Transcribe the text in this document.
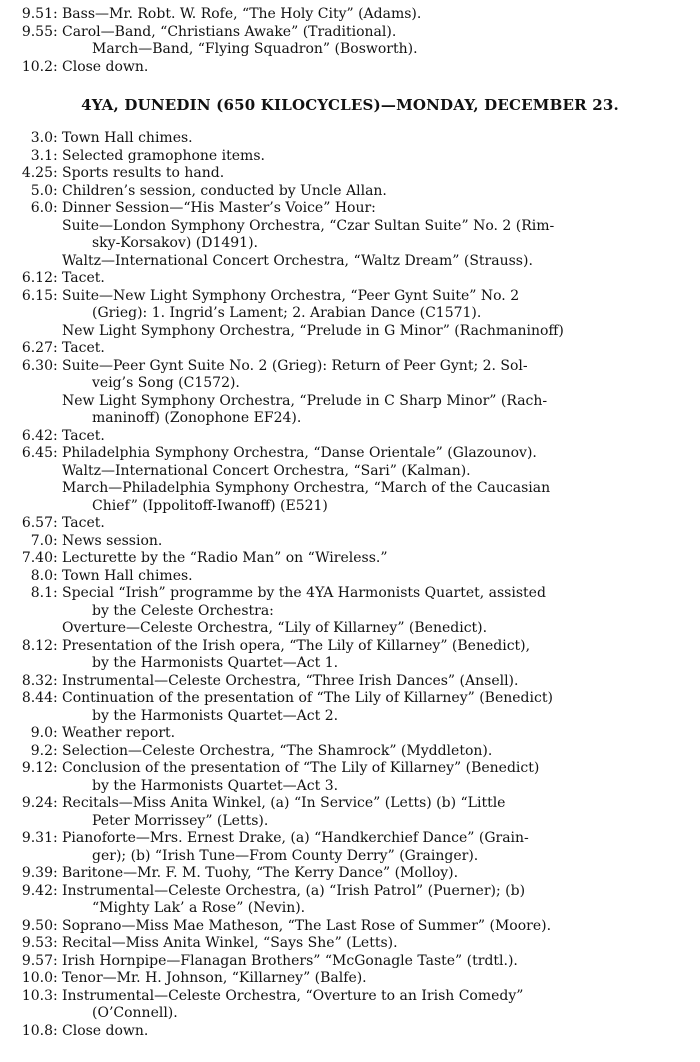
9.51 : Bass—Mr. Robt. W. Rofe, “The Holy City” (Adams).
9.55 : Carol—Band, “Christians Awake” (Traditional).
March—Band, “Flying Squadron” (Bosworth).
10.2 : Close down.
4YA, DUNEDIN (650 KILOCYCLES)—MONDAY, DECEMBER 23.
3.0 : Town Hall chimes.
3.1 : Selected gramophone items.
4.25 : Sports results to hand.
5.0 : Children’s session, conducted by Uncle Allan.
6.0 : Dinner Session—“His Master’s Voice” Hour:
Suite—London Symphony Orchestra, “Czar Sultan Suite” No. 2 (Rim-
sky-Korsakov) (D1491).
Waltz—International Concert Orchestra, “Waltz Dream” (Strauss).
6.12 : Tacet.
6.15 : Suite—New Light Symphony Orchestra, “Peer Gynt Suite” No. 2
(Grieg): 1. Ingrid’s Lament; 2. Arabian Dance (C1571).
New Light Symphony Orchestra, “Prelude in G Minor” (Rachmaninoff)
6.27 : Tacet.
6.30 : Suite—Peer Gynt Suite No. 2 (Grieg): Return of Peer Gynt; 2. Sol-
veig’s Song (C1572).
New Light Symphony Orchestra, “Prelude in C Sharp Minor” (Rach-
maninoff) (Zonophone EF24).
6.42 : Tacet.
6.45 : Philadelphia Symphony Orchestra, “Danse Orientale” (Glazounov).
Waltz—International Concert Orchestra, “Sari” (Kalman).
March—Philadelphia Symphony Orchestra, “March of the Caucasian
Chief” (Ippolitoff-Iwanoff) (E521)
6.57 : Tacet.
7.0 : News session.
7.40 : Lecturette by the “Radio Man” on “Wireless.”
8.0 : Town Hall chimes.
8.1 : Special “Irish” programme by the 4YA Harmonists Quartet, assisted
by the Celeste Orchestra:
Overture—Celeste Orchestra, “Lily of Killarney” (Benedict).
8.12 : Presentation of the Irish opera, “The Lily of Killarney” (Benedict),
by the Harmonists Quartet—Act 1.
8.32 : Instrumental—Celeste Orchestra, “Three Irish Dances” (Ansell).
8.44 : Continuation of the presentation of “The Lily of Killarney” (Benedict)
by the Harmonists Quartet—Act 2.
9.0 : Weather report.
9.2 : Selection—Celeste Orchestra, “The Shamrock” (Myddleton).
9.12 : Conclusion of the presentation of “The Lily of Killarney” (Benedict)
by the Harmonists Quartet—Act 3.
9.24 : Recitals—Miss Anita Winkel, (a) “In Service” (Letts) (b) “Little
Peter Morrissey” (Letts).
9.31 : Pianoforte—Mrs. Ernest Drake, (a) “Handkerchief Dance” (Grain-
ger); (b) “Irish Tune—From County Derry” (Grainger).
9.39 : Baritone—Mr. F. M. Tuohy, “The Kerry Dance” (Molloy).
9.42 : Instrumental—Celeste Orchestra, (a) “Irish Patrol” (Puerner); (b)
“Mighty Lak’ a Rose” (Nevin).
9.50 : Soprano—Miss Mae Matheson, “The Last Rose of Summer” (Moore).
9.53 : Recital—Miss Anita Winkel, “Says She” (Letts).
9.57 : Irish Hornpipe—Flanagan Brothers” “McGonagle Taste” (trdtl.).
10.0 : Tenor—Mr. H. Johnson, “Killarney” (Balfe).
10.3 : Instrumental—Celeste Orchestra, “Overture to an Irish Comedy”
(O’Connell).
10.8 : Close down.
